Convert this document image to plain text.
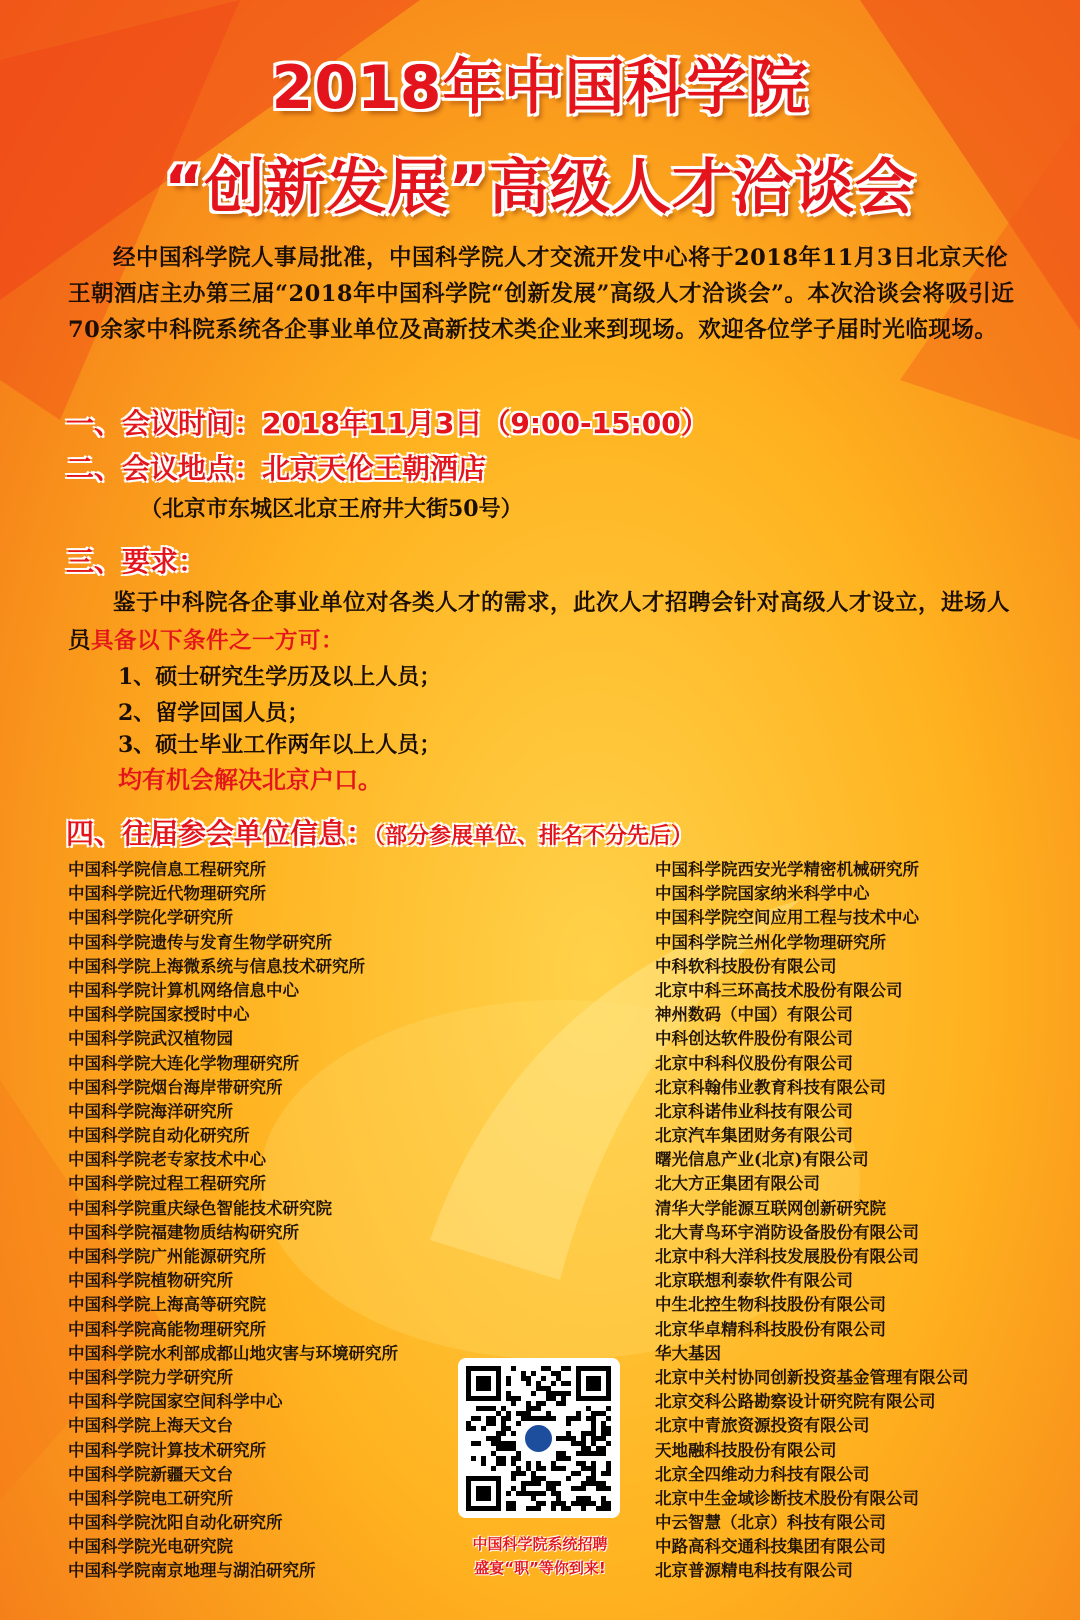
2018年中国科学院
“创新发展”高级人才洽谈会
经中国科学院人事局批准，中国科学院人才交流开发中心将于2018年11月3日北京天伦王朝酒店主办第三届“2018年中国科学院“创新发展”高级人才洽谈会”。本次洽谈会将吸引近70余家中科院系统各企事业单位及高新技术类企业来到现场。欢迎各位学子届时光临现场。
一、会议时间：2018年11月3日（9:00-15:00）
二、会议地点：北京天伦王朝酒店
（北京市东城区北京王府井大街50号）
三、要求：
鉴于中科院各企事业单位对各类人才的需求，此次人才招聘会针对高级人才设立，进场人员具备以下条件之一方可：
1、硕士研究生学历及以上人员；
2、留学回国人员；
3、硕士毕业工作两年以上人员；
均有机会解决北京户口。
四、往届参会单位信息：（部分参展单位、排名不分先后）
中国科学院信息工程研究所
中国科学院近代物理研究所
中国科学院化学研究所
中国科学院遗传与发育生物学研究所
中国科学院上海微系统与信息技术研究所
中国科学院计算机网络信息中心
中国科学院国家授时中心
中国科学院武汉植物园
中国科学院大连化学物理研究所
中国科学院烟台海岸带研究所
中国科学院海洋研究所
中国科学院自动化研究所
中国科学院老专家技术中心
中国科学院过程工程研究所
中国科学院重庆绿色智能技术研究院
中国科学院福建物质结构研究所
中国科学院广州能源研究所
中国科学院植物研究所
中国科学院上海高等研究院
中国科学院高能物理研究所
中国科学院水利部成都山地灾害与环境研究所
中国科学院力学研究所
中国科学院国家空间科学中心
中国科学院上海天文台
中国科学院计算技术研究所
中国科学院新疆天文台
中国科学院电工研究所
中国科学院沈阳自动化研究所
中国科学院光电研究院
中国科学院南京地理与湖泊研究所
中国科学院西安光学精密机械研究所
中国科学院国家纳米科学中心
中国科学院空间应用工程与技术中心
中国科学院兰州化学物理研究所
中科软科技股份有限公司
北京中科三环高技术股份有限公司
神州数码（中国）有限公司
中科创达软件股份有限公司
北京中科科仪股份有限公司
北京科翰伟业教育科技有限公司
北京科诺伟业科技有限公司
北京汽车集团财务有限公司
曙光信息产业(北京)有限公司
北大方正集团有限公司
清华大学能源互联网创新研究院
北大青鸟环宇消防设备股份有限公司
北京中科大洋科技发展股份有限公司
北京联想利泰软件有限公司
中生北控生物科技股份有限公司
北京华卓精科科技股份有限公司
华大基因
北京中关村协同创新投资基金管理有限公司
北京交科公路勘察设计研究院有限公司
北京中青旅资源投资有限公司
天地融科技股份有限公司
北京全四维动力科技有限公司
北京中生金域诊断技术股份有限公司
中云智慧（北京）科技有限公司
中路高科交通科技集团有限公司
北京普源精电科技有限公司
中国科学院系统招聘
盛宴“职”等你到来!
